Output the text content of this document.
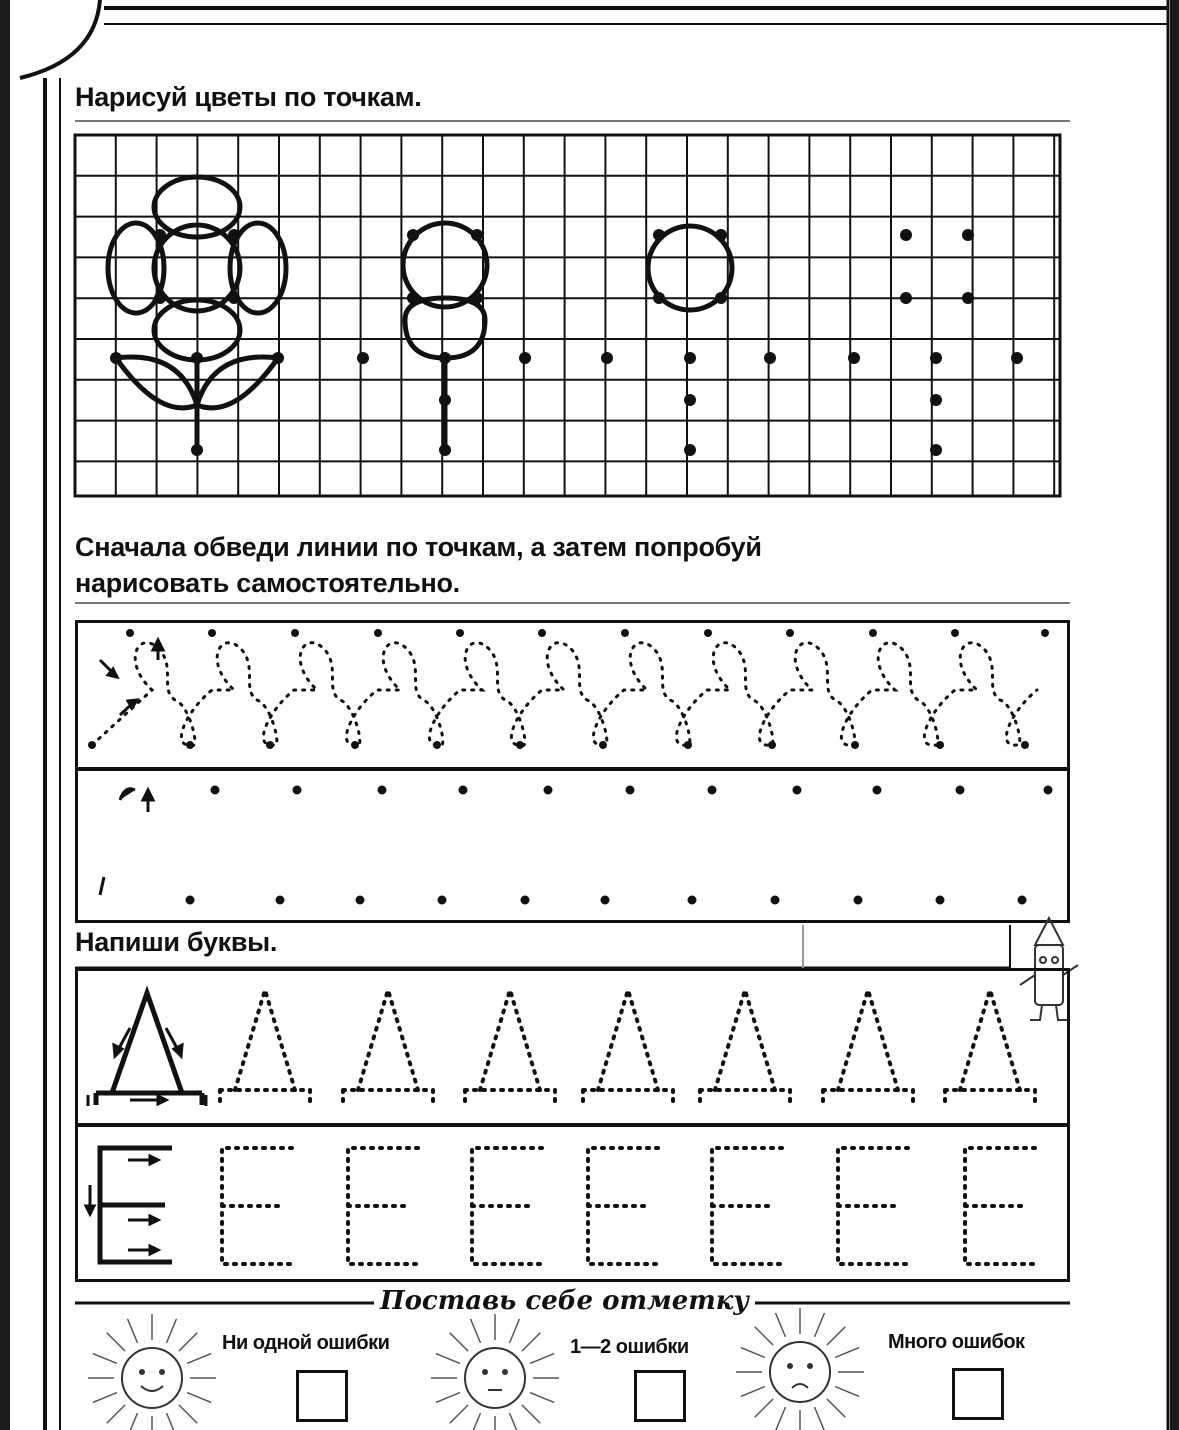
Нарисуй цветы по точкам.
Сначала обведи линии по точкам, а затем попробуй
нарисовать самостоятельно.
Напиши буквы.
Поставь себе отметку
Ни одной ошибки	1—2 ошибки	Много ошибок
